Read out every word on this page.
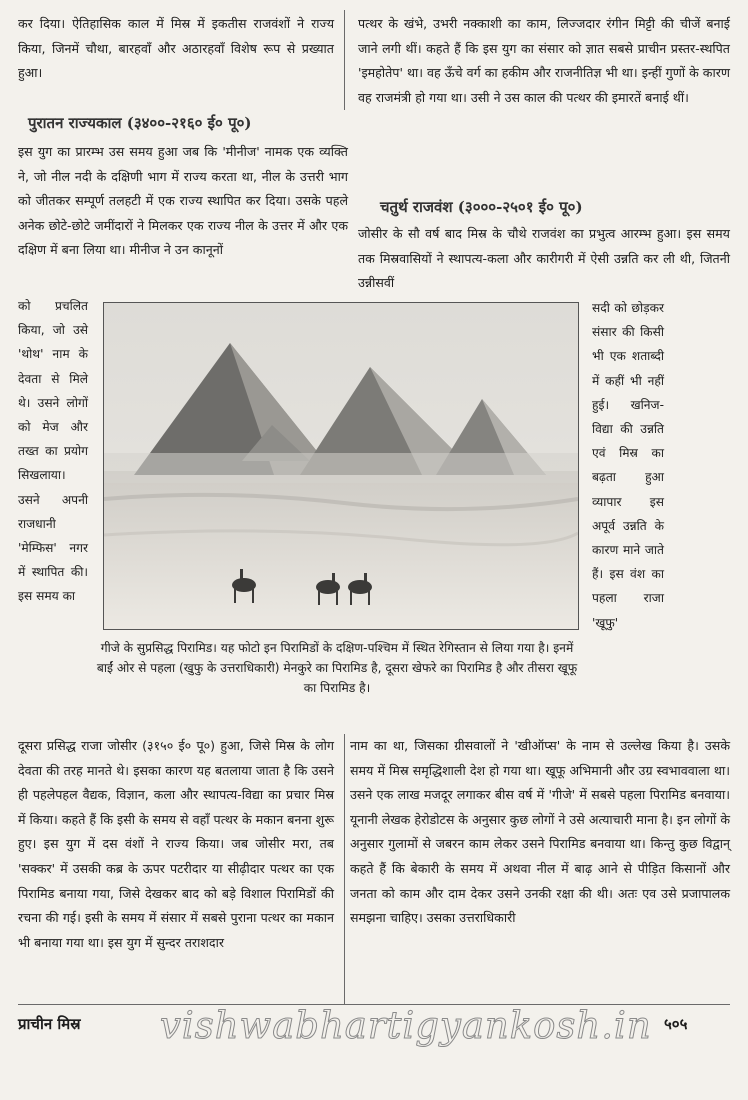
कर दिया। ऐतिहासिक काल में मिस्र में इकतीस राजवंशों ने राज्य किया, जिनमें चौथा, बारहवाँ और अठारहवाँ विशेष रूप से प्रख्यात हुआ।

पत्थर के खंभे, उभरी नक्काशी का काम, लिज्जदार रंगीन मिट्टी की चीजें बनाई जाने लगी थीं। कहते हैं कि इस युग का संसार को ज्ञात सबसे प्राचीन प्रस्तर-स्थपित 'इमहोतेप' था। वह ऊँचे वर्ग का हकीम और राजनीतिज्ञ भी था। इन्हीं गुणों के कारण वह राजमंत्री हो गया था। उसी ने उस काल की पत्थर की इमारतें बनाई थीं।

पुरातन राज्यकाल (३४००-२१६० ई० पू०)
चतुर्थ राजवंश (३०००-२५०१ ई० पू०)

इस युग का प्रारम्भ उस समय हुआ जब कि 'मीनीज' नामक एक व्यक्ति ने, जो नील नदी के दक्षिणी भाग में राज्य करता था, नील के उत्तरी भाग को जीतकर सम्पूर्ण तलहटी में एक राज्य स्थापित कर दिया। उसके पहले अनेक छोटे-छोटे जमींदारों ने मिलकर एक राज्य नील के उत्तर में और एक दक्षिण में बना लिया था। मीनीज ने उन कानूनों

जोसीर के सौ वर्ष बाद मिस्र के चौथे राजवंश का प्रभुत्व आरम्भ हुआ। इस समय तक मिस्रवासियों ने स्थापत्य-कला और कारीगरी में ऐसी उन्नति कर ली थी, जितनी उन्नीसवीं

को प्रचलित किया, जो उसे 'थोथ' नाम के देवता से मिले थे। उसने लोगों को मेज और तख्त का प्रयोग सिखलाया। उसने अपनी राजधानी 'मेम्फिस' नगर में स्थापित की। इस समय का

सदी को छोड़कर संसार की किसी भी एक शताब्दी में कहीं भी नहीं हुई। खनिज-विद्या की उन्नति एवं मिस्र का बढ़ता हुआ व्यापार इस अपूर्व उन्नति के कारण माने जाते हैं। इस वंश का पहला राजा 'खूफु'

गीजे के सुप्रसिद्ध पिरामिड। यह फोटो इन पिरामिडों के दक्षिण-पश्चिम में स्थित रेगिस्तान से लिया गया है। इनमें बाईं ओर से पहला (खुफु के उत्तराधिकारी) मेनकुरे का पिरामिड है, दूसरा खेफरे का पिरामिड है और तीसरा खूफू का पिरामिड है।

दूसरा प्रसिद्ध राजा जोसीर (३१५० ई० पू०) हुआ, जिसे मिस्र के लोग देवता की तरह मानते थे। इसका कारण यह बतलाया जाता है कि उसने ही पहलेपहल वैद्यक, विज्ञान, कला और स्थापत्य-विद्या का प्रचार मिस्र में किया। कहते हैं कि इसी के समय से वहाँ पत्थर के मकान बनना शुरू हुए। इस युग में दस वंशों ने राज्य किया। जब जोसीर मरा, तब 'सक्कर' में उसकी कब्र के ऊपर पटरीदार या सीढ़ीदार पत्थर का एक पिरामिड बनाया गया, जिसे देखकर बाद को बड़े विशाल पिरामिडों की रचना की गई। इसी के समय में संसार में सबसे पुराना पत्थर का मकान भी बनाया गया था। इस युग में सुन्दर तराशदार

नाम का था, जिसका ग्रीसवालों ने 'खीऑप्स' के नाम से उल्लेख किया है। उसके समय में मिस्र समृद्धिशाली देश हो गया था। खूफू अभिमानी और उग्र स्वभाववाला था। उसने एक लाख मजदूर लगाकर बीस वर्ष में 'गीजे' में सबसे पहला पिरामिड बनवाया। यूनानी लेखक हेरोडोटस के अनुसार कुछ लोगों ने उसे अत्याचारी माना है। इन लोगों के अनुसार गुलामों से जबरन काम लेकर उसने पिरामिड बनवाया था। किन्तु कुछ विद्वान् कहते हैं कि बेकारी के समय में अथवा नील में बाढ़ आने से पीड़ित किसानों और जनता को काम और दाम देकर उसने उनकी रक्षा की थी। अतः एव उसे प्रजापालक समझना चाहिए। उसका उत्तराधिकारी

प्राचीन मिस्र vishwabhartigyankosh.in ५०५
